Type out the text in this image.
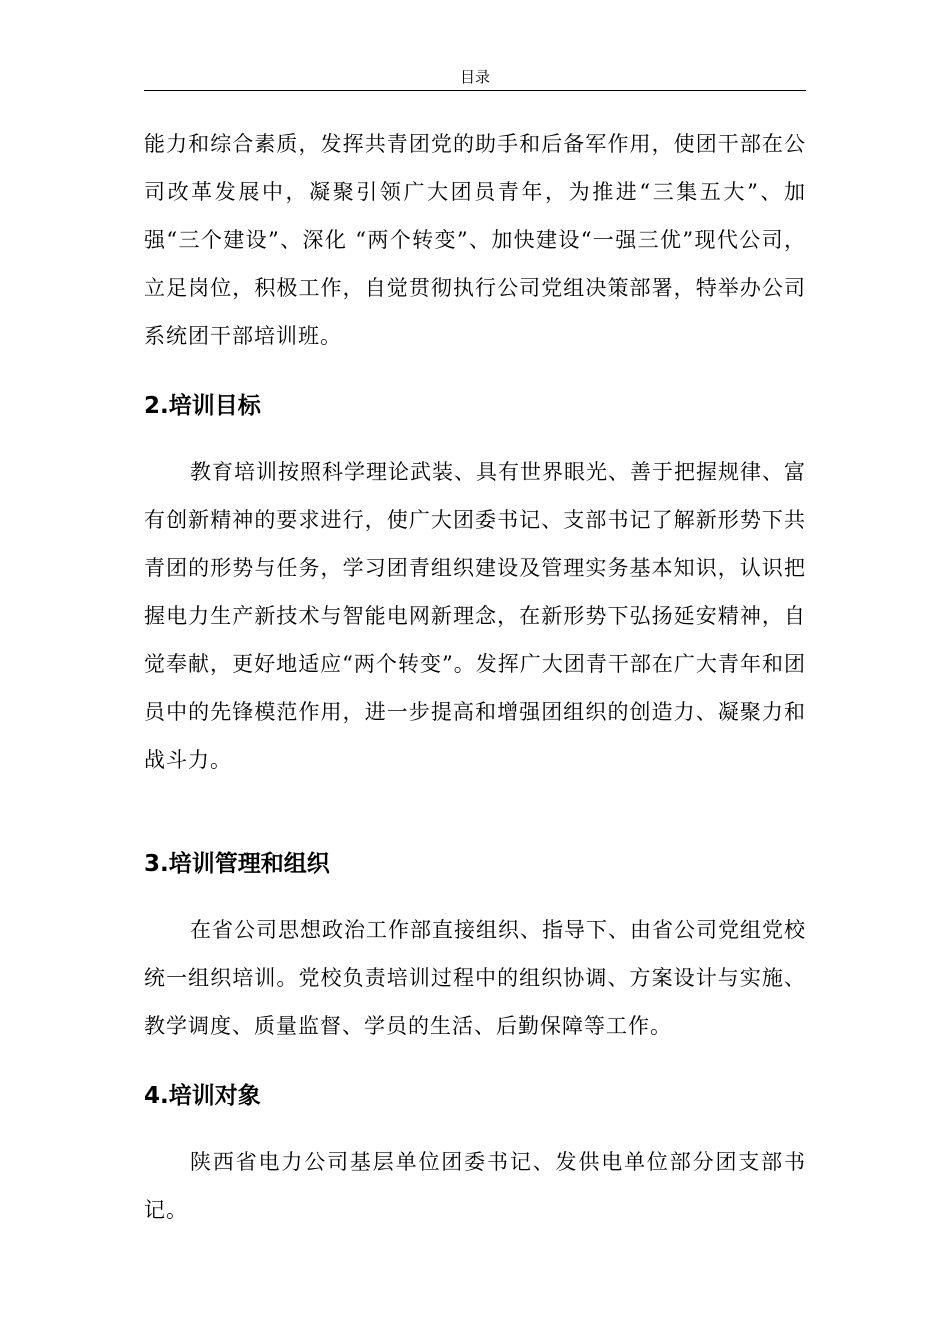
目录

能力和综合素质，发挥共青团党的助手和后备军作用，使团干部在公司改革发展中，凝聚引领广大团员青年，为推进“三集五大”、加强“三个建设”、深化 “两个转变”、加快建设“一强三优”现代公司，立足岗位，积极工作，自觉贯彻执行公司党组决策部署，特举办公司系统团干部培训班。

2.培训目标

教育培训按照科学理论武装、具有世界眼光、善于把握规律、富有创新精神的要求进行，使广大团委书记、支部书记了解新形势下共青团的形势与任务，学习团青组织建设及管理实务基本知识，认识把握电力生产新技术与智能电网新理念，在新形势下弘扬延安精神，自觉奉献，更好地适应“两个转变”。发挥广大团青干部在广大青年和团员中的先锋模范作用，进一步提高和增强团组织的创造力、凝聚力和战斗力。

3.培训管理和组织

在省公司思想政治工作部直接组织、指导下、由省公司党组党校统一组织培训。党校负责培训过程中的组织协调、方案设计与实施、教学调度、质量监督、学员的生活、后勤保障等工作。

4.培训对象

陕西省电力公司基层单位团委书记、发供电单位部分团支部书记。
